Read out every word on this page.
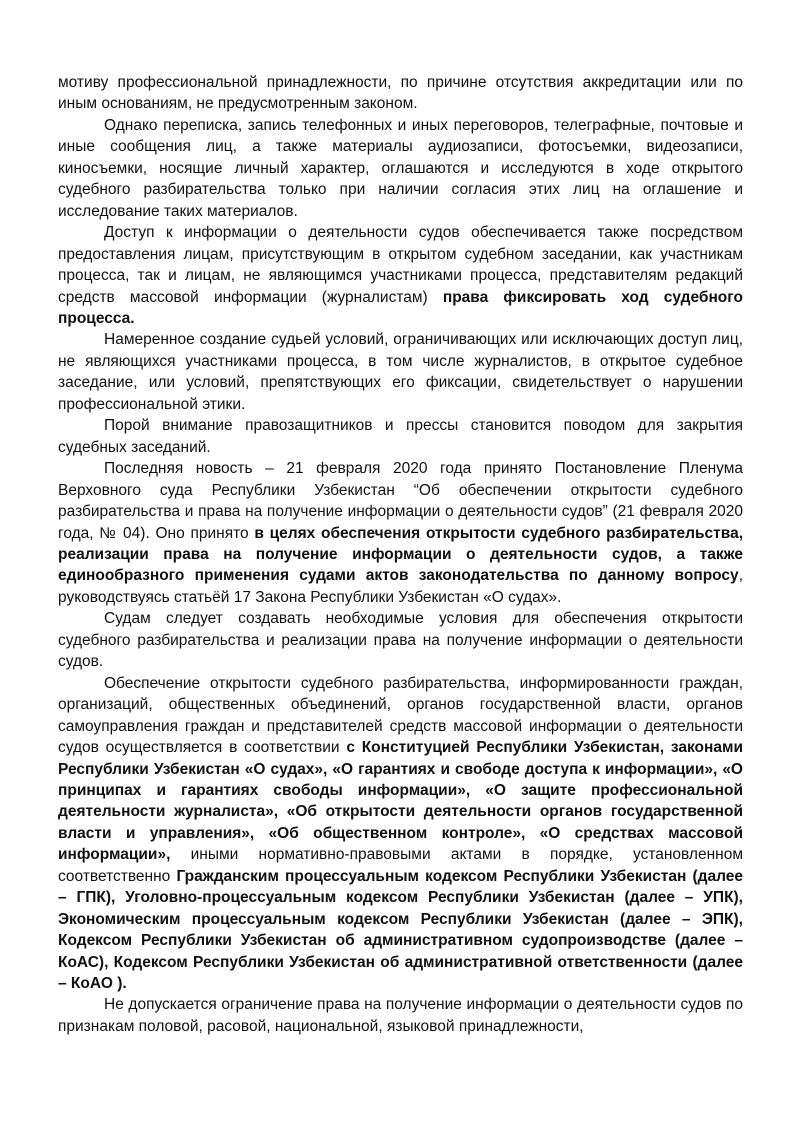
мотиву профессиональной принадлежности, по причине отсутствия аккредитации или по иным основаниям, не предусмотренным законом.

Однако переписка, запись телефонных и иных переговоров, телеграфные, почтовые и иные сообщения лиц, а также материалы аудиозаписи, фотосъемки, видеозаписи, киносъемки, носящие личный характер, оглашаются и исследуются в ходе открытого судебного разбирательства только при наличии согласия этих лиц на оглашение и исследование таких материалов.

Доступ к информации о деятельности судов обеспечивается также посредством предоставления лицам, присутствующим в открытом судебном заседании, как участникам процесса, так и лицам, не являющимся участниками процесса, представителям редакций средств массовой информации (журналистам) права фиксировать ход судебного процесса.

Намеренное создание судьей условий, ограничивающих или исключающих доступ лиц, не являющихся участниками процесса, в том числе журналистов, в открытое судебное заседание, или условий, препятствующих его фиксации, свидетельствует о нарушении профессиональной этики.

Порой внимание правозащитников и прессы становится поводом для закрытия судебных заседаний.

Последняя новость – 21 февраля 2020 года принято Постановление Пленума Верховного суда Республики Узбекистан “Об обеспечении открытости судебного разбирательства и права на получение информации о деятельности судов” (21 февраля 2020 года, № 04). Оно принято в целях обеспечения открытости судебного разбирательства, реализации права на получение информации о деятельности судов, а также единообразного применения судами актов законодательства по данному вопросу, руководствуясь статьёй 17 Закона Республики Узбекистан «О судах».

Судам следует создавать необходимые условия для обеспечения открытости судебного разбирательства и реализации права на получение информации о деятельности судов.

Обеспечение открытости судебного разбирательства, информированности граждан, организаций, общественных объединений, органов государственной власти, органов самоуправления граждан и представителей средств массовой информации о деятельности судов осуществляется в соответствии с Конституцией Республики Узбекистан, законами Республики Узбекистан «О судах», «О гарантиях и свободе доступа к информации», «О принципах и гарантиях свободы информации», «О защите профессиональной деятельности журналиста», «Об открытости деятельности органов государственной власти и управления», «Об общественном контроле», «О средствах массовой информации», иными нормативно-правовыми актами в порядке, установленном соответственно Гражданским процессуальным кодексом Республики Узбекистан (далее – ГПК), Уголовно-процессуальным кодексом Республики Узбекистан (далее – УПК), Экономическим процессуальным кодексом Республики Узбекистан (далее – ЭПК), Кодексом Республики Узбекистан об административном судопроизводстве (далее – КоАС), Кодексом Республики Узбекистан об административной ответственности (далее – КоАО ).

Не допускается ограничение права на получение информации о деятельности судов по признакам половой, расовой, национальной, языковой принадлежности,
